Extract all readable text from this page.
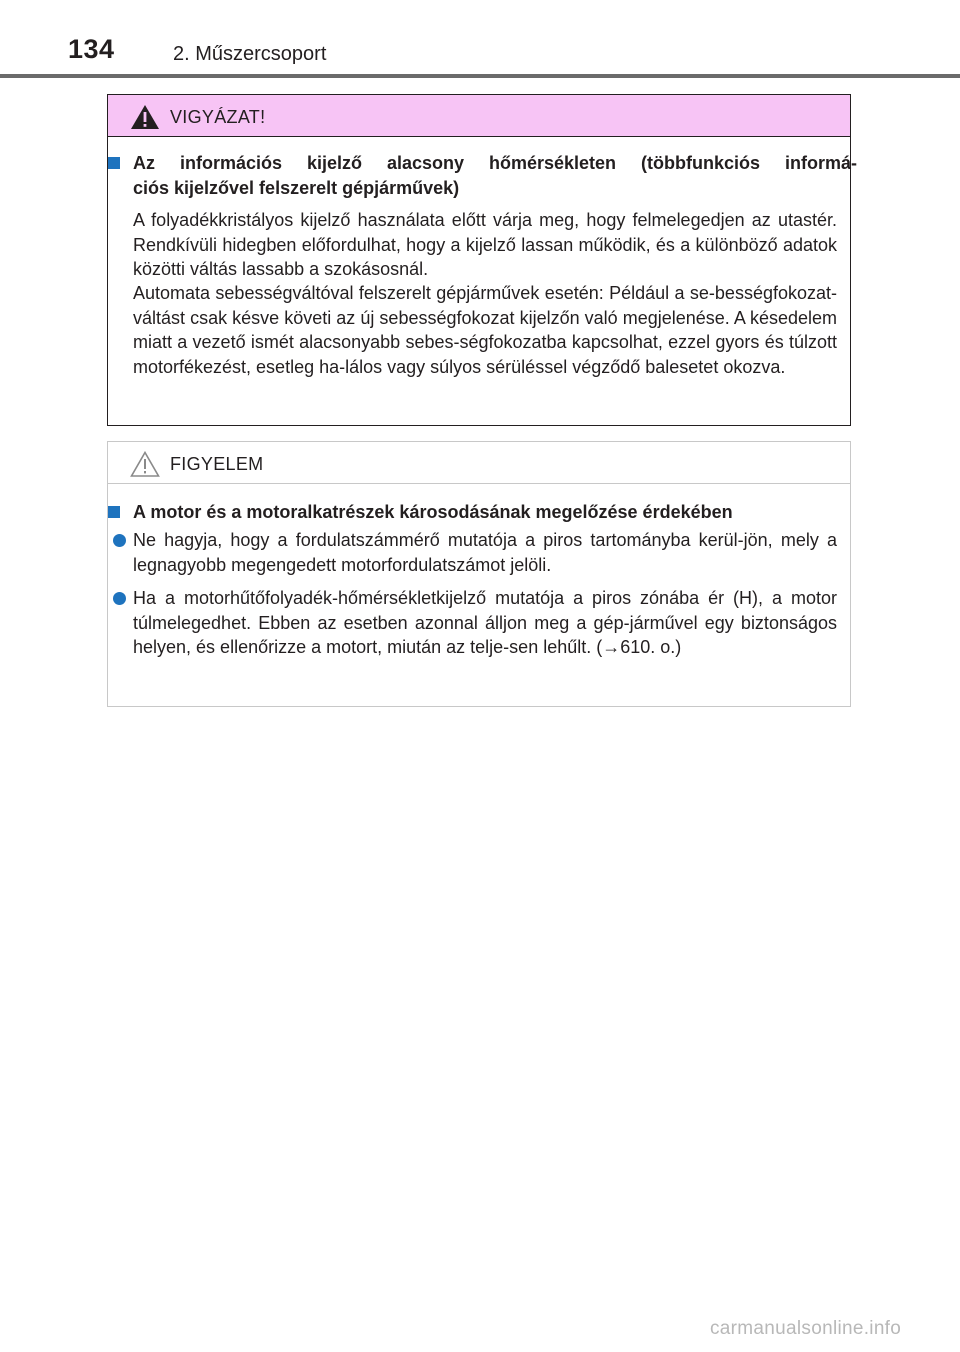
134	2. Műszercsoport
VIGYÁZAT!
Az információs kijelző alacsony hőmérsékleten (többfunkciós informá-
ciós kijelzővel felszerelt gépjárművek)
A folyadékkristályos kijelző használata előtt várja meg, hogy felmelegedjen az utastér. Rendkívüli hidegben előfordulhat, hogy a kijelző lassan működik, és a különböző adatok közötti váltás lassabb a szokásosnál.
Automata sebességváltóval felszerelt gépjárművek esetén: Például a se-bességfokozat-váltást csak késve követi az új sebességfokozat kijelzőn való megjelenése. A késedelem miatt a vezető ismét alacsonyabb sebes-ségfokozatba kapcsolhat, ezzel gyors és túlzott motorfékezést, esetleg ha-lálos vagy súlyos sérüléssel végződő balesetet okozva.
FIGYELEM
A motor és a motoralkatrészek károsodásának megelőzése érdekében
Ne hagyja, hogy a fordulatszámmérő mutatója a piros tartományba kerül-jön, mely a legnagyobb megengedett motorfordulatszámot jelöli.
Ha a motorhűtőfolyadék-hőmérsékletkijelző mutatója a piros zónába ér (H), a motor túlmelegedhet. Ebben az esetben azonnal álljon meg a gép-járművel egy biztonságos helyen, és ellenőrizze a motort, miután az telje-sen lehűlt. (→610. o.)
carmanualsonline.info
